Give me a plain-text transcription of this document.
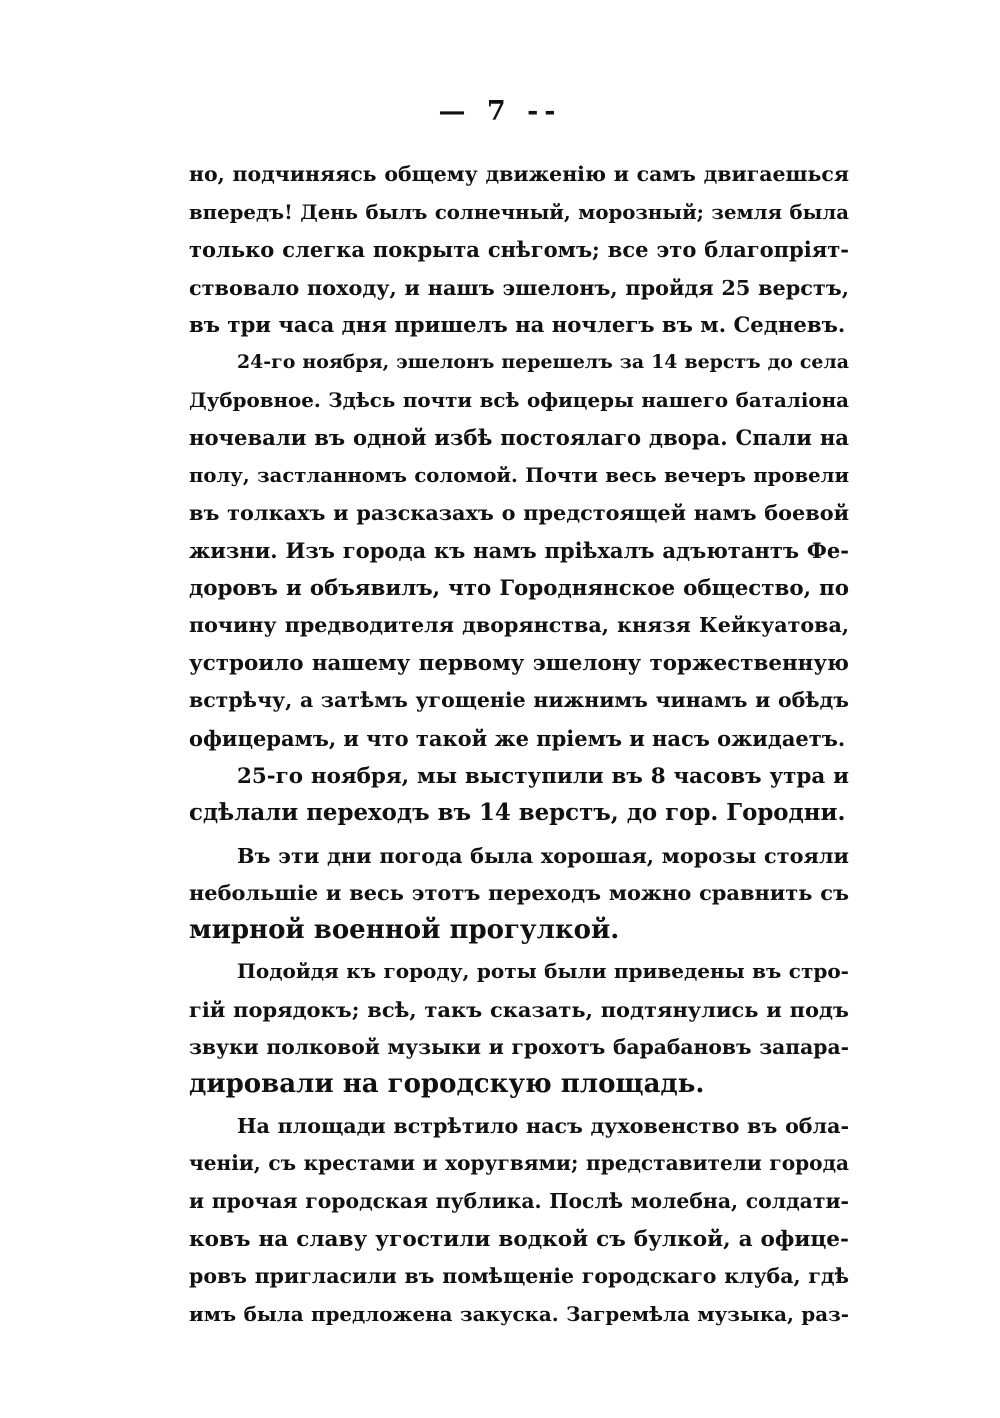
— 7 --
но, подчиняясь общему движенію и самъ двигаешься
впередъ! День былъ солнечный, морозный; земля была
только слегка покрыта снѣгомъ; все это благопріят-
ствовало походу, и нашъ эшелонъ, пройдя 25 верстъ,
въ три часа дня пришелъ на ночлегъ въ м. Седневъ.
24-го ноября, эшелонъ перешелъ за 14 верстъ до села
Дубровное. Здѣсь почти всѣ офицеры нашего баталіона
ночевали въ одной избѣ постоялаго двора. Спали на
полу, застланномъ соломой. Почти весь вечеръ провели
въ толкахъ и разсказахъ о предстоящей намъ боевой
жизни. Изъ города къ намъ пріѣхалъ адъютантъ Фе-
доровъ и объявилъ, что Городнянское общество, по
почину предводителя дворянства, князя Кейкуатова,
устроило нашему первому эшелону торжественную
встрѣчу, а затѣмъ угощеніе нижнимъ чинамъ и обѣдъ
офицерамъ, и что такой же пріемъ и насъ ожидаетъ.
25-го ноября, мы выступили въ 8 часовъ утра и
сдѣлали переходъ въ 14 верстъ, до гор. Городни.
Въ эти дни погода была хорошая, морозы стояли
небольшіе и весь этотъ переходъ можно сравнить съ
мирной военной прогулкой.
Подойдя къ городу, роты были приведены въ стро-
гій порядокъ; всѣ, такъ сказать, подтянулись и подъ
звуки полковой музыки и грохотъ барабановъ запара-
дировали на городскую площадь.
На площади встрѣтило насъ духовенство въ обла-
ченіи, съ крестами и хоругвями; представители города
и прочая городская публика. Послѣ молебна, солдати-
ковъ на славу угостили водкой съ булкой, а офице-
ровъ пригласили въ помѣщеніе городскаго клуба, гдѣ
имъ была предложена закуска. Загремѣла музыка, раз-
